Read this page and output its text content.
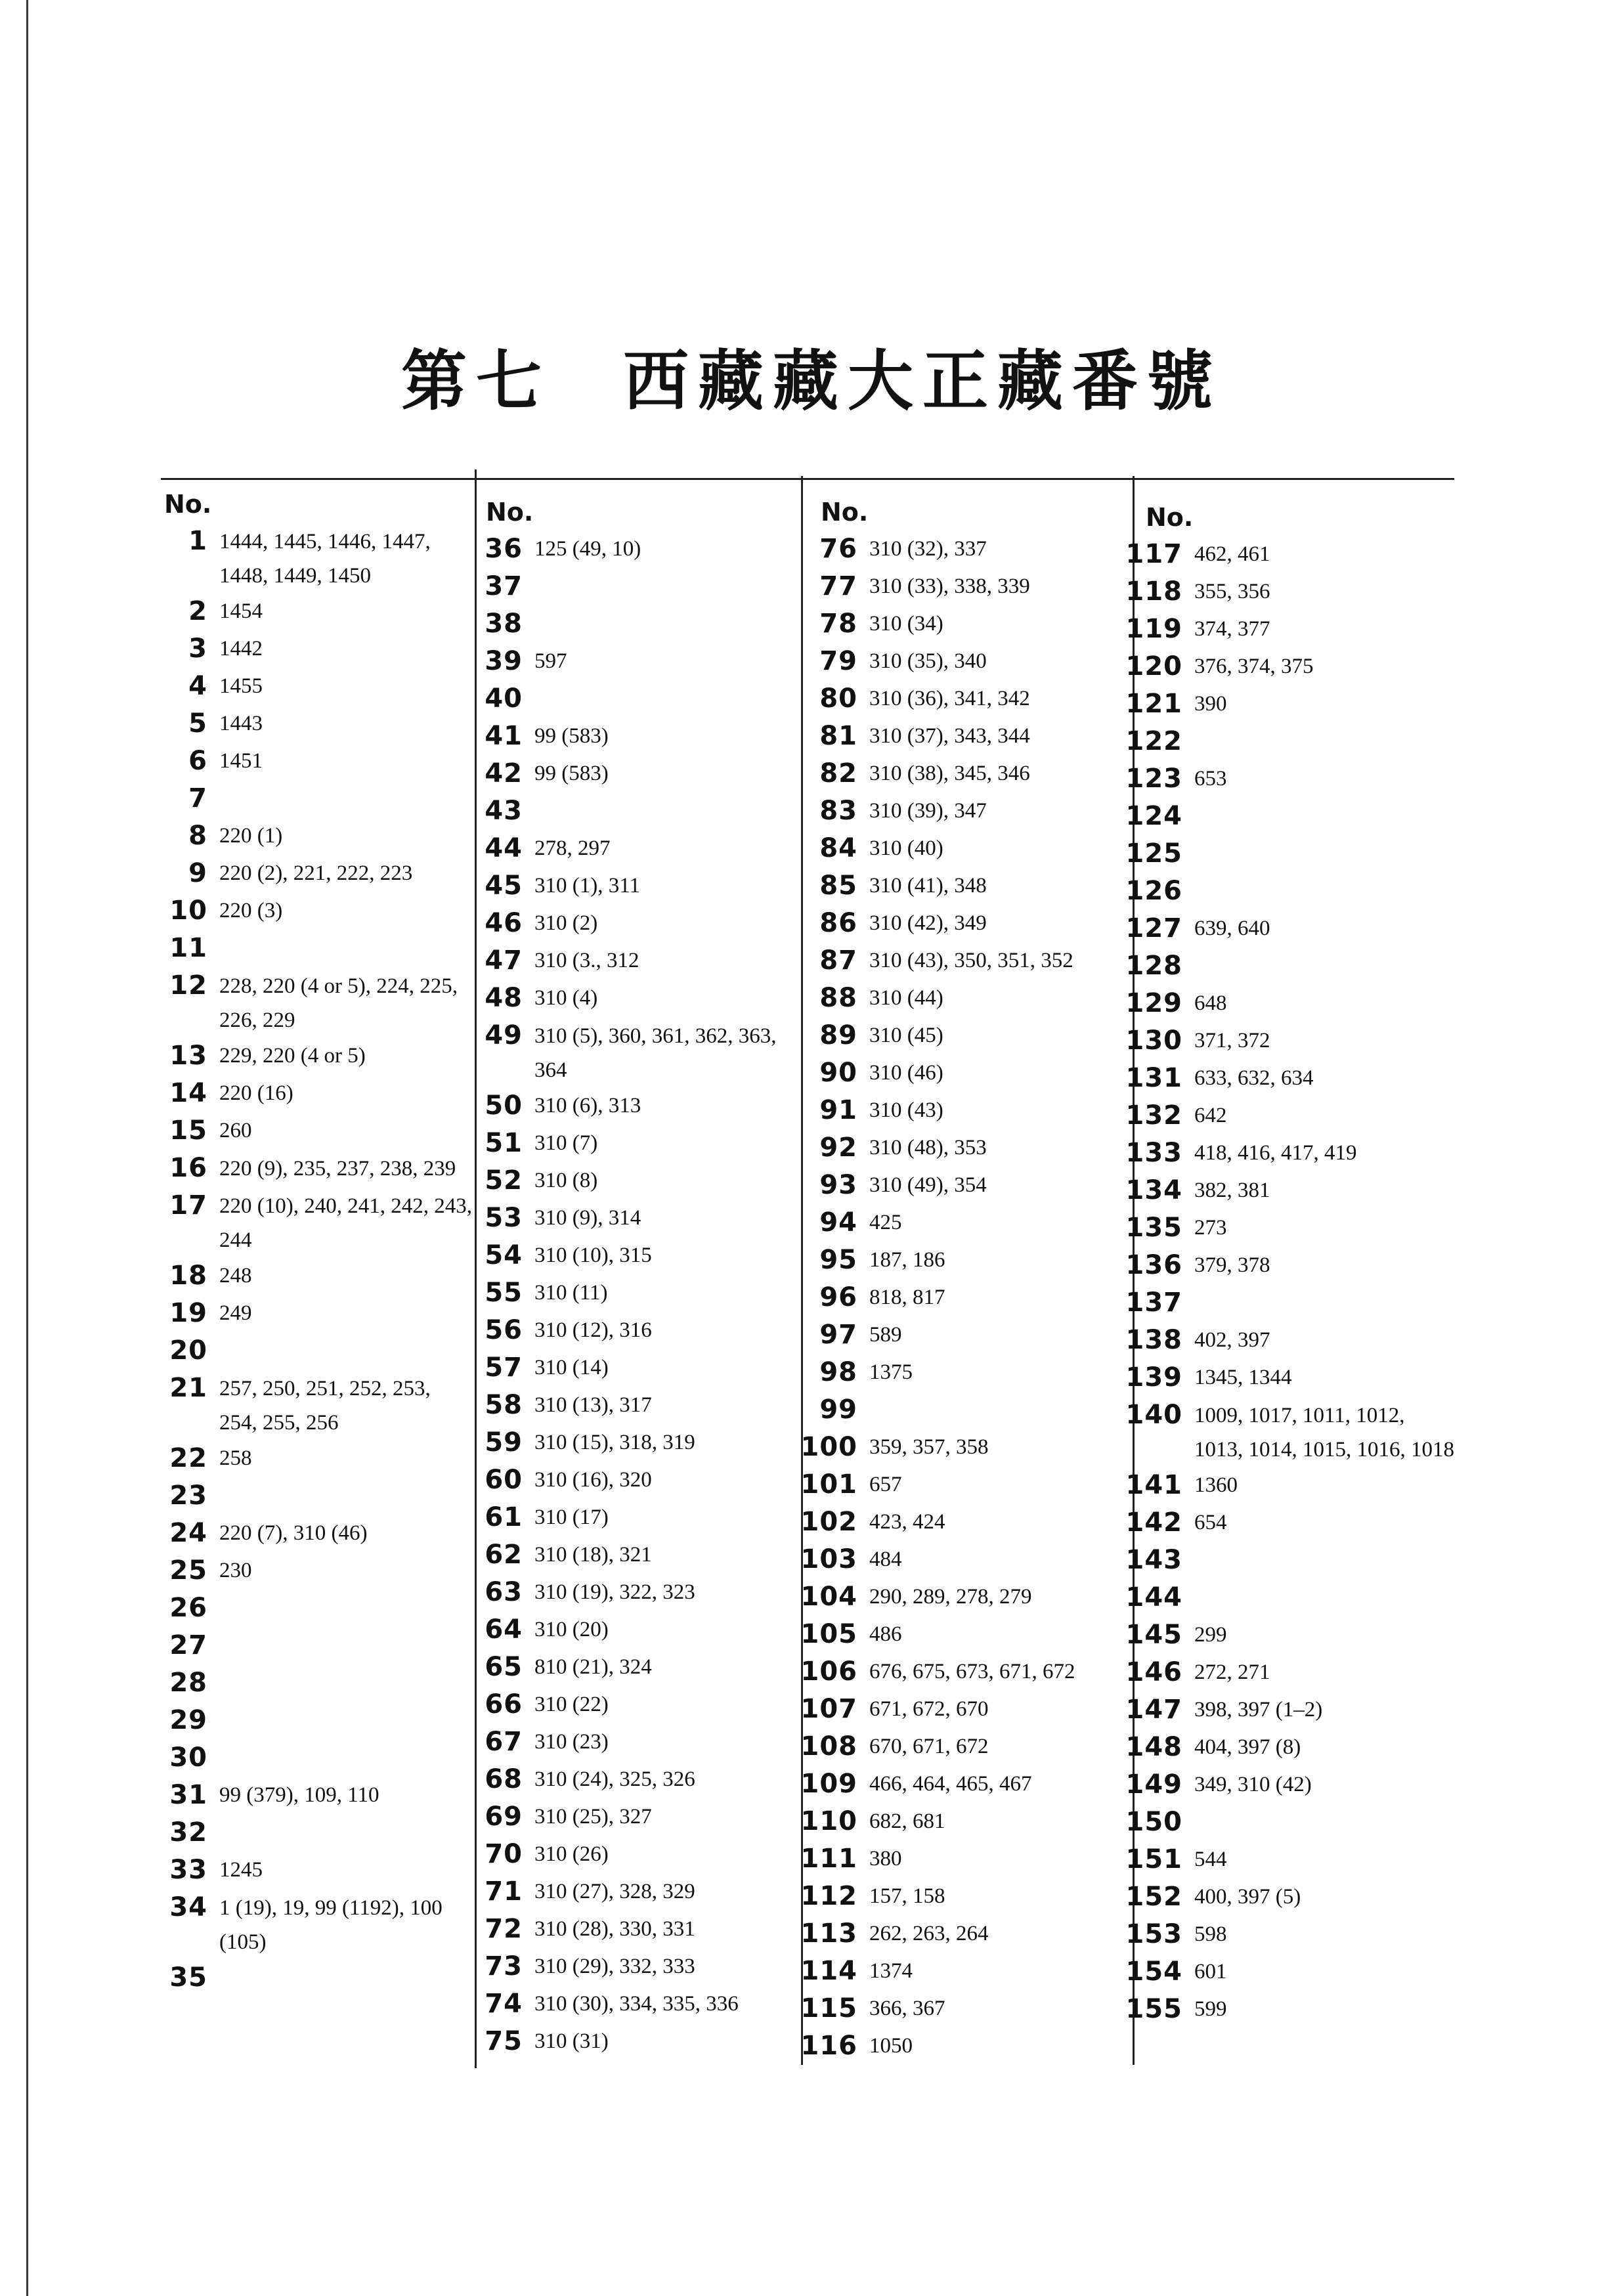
第七 西藏藏大正藏番號
No.
1 1444, 1445, 1446, 1447, 1448, 1449, 1450
2 1454
3 1442
4 1455
5 1443
6 1451
7
8 220 (1)
9 220 (2), 221, 222, 223
10 220 (3)
11
12 228, 220 (4 or 5), 224, 225, 226, 229
13 229, 220 (4 or 5)
14 220 (16)
15 260
16 220 (9), 235, 237, 238, 239
17 220 (10), 240, 241, 242, 243, 244
18 248
19 249
20
21 257, 250, 251, 252, 253, 254, 255, 256
22 258
23
24 220 (7), 310 (46)
25 230
26
27
28
29
30
31 99 (379), 109, 110
32
33 1245
34 1 (19), 19, 99 (1192), 100 (105)
35
No.
36 125 (49, 10)
37
38
39 597
40
41 99 (583)
42 99 (583)
43
44 278, 297
45 310 (1), 311
46 310 (2)
47 310 (3., 312
48 310 (4)
49 310 (5), 360, 361, 362, 363, 364
50 310 (6), 313
51 310 (7)
52 310 (8)
53 310 (9), 314
54 310 (10), 315
55 310 (11)
56 310 (12), 316
57 310 (14)
58 310 (13), 317
59 310 (15), 318, 319
60 310 (16), 320
61 310 (17)
62 310 (18), 321
63 310 (19), 322, 323
64 310 (20)
65 810 (21), 324
66 310 (22)
67 310 (23)
68 310 (24), 325, 326
69 310 (25), 327
70 310 (26)
71 310 (27), 328, 329
72 310 (28), 330, 331
73 310 (29), 332, 333
74 310 (30), 334, 335, 336
75 310 (31)
No.
76 310 (32), 337
77 310 (33), 338, 339
78 310 (34)
79 310 (35), 340
80 310 (36), 341, 342
81 310 (37), 343, 344
82 310 (38), 345, 346
83 310 (39), 347
84 310 (40)
85 310 (41), 348
86 310 (42), 349
87 310 (43), 350, 351, 352
88 310 (44)
89 310 (45)
90 310 (46)
91 310 (43)
92 310 (48), 353
93 310 (49), 354
94 425
95 187, 186
96 818, 817
97 589
98 1375
99
100 359, 357, 358
101 657
102 423, 424
103 484
104 290, 289, 278, 279
105 486
106 676, 675, 673, 671, 672
107 671, 672, 670
108 670, 671, 672
109 466, 464, 465, 467
110 682, 681
111 380
112 157, 158
113 262, 263, 264
114 1374
115 366, 367
116 1050
No.
117 462, 461
118 355, 356
119 374, 377
120 376, 374, 375
121 390
122
123 653
124
125
126
127 639, 640
128
129 648
130 371, 372
131 633, 632, 634
132 642
133 418, 416, 417, 419
134 382, 381
135 273
136 379, 378
137
138 402, 397
139 1345, 1344
140 1009, 1017, 1011, 1012, 1013, 1014, 1015, 1016, 1018
141 1360
142 654
143
144
145 299
146 272, 271
147 398, 397 (1–2)
148 404, 397 (8)
149 349, 310 (42)
150
151 544
152 400, 397 (5)
153 598
154 601
155 599
